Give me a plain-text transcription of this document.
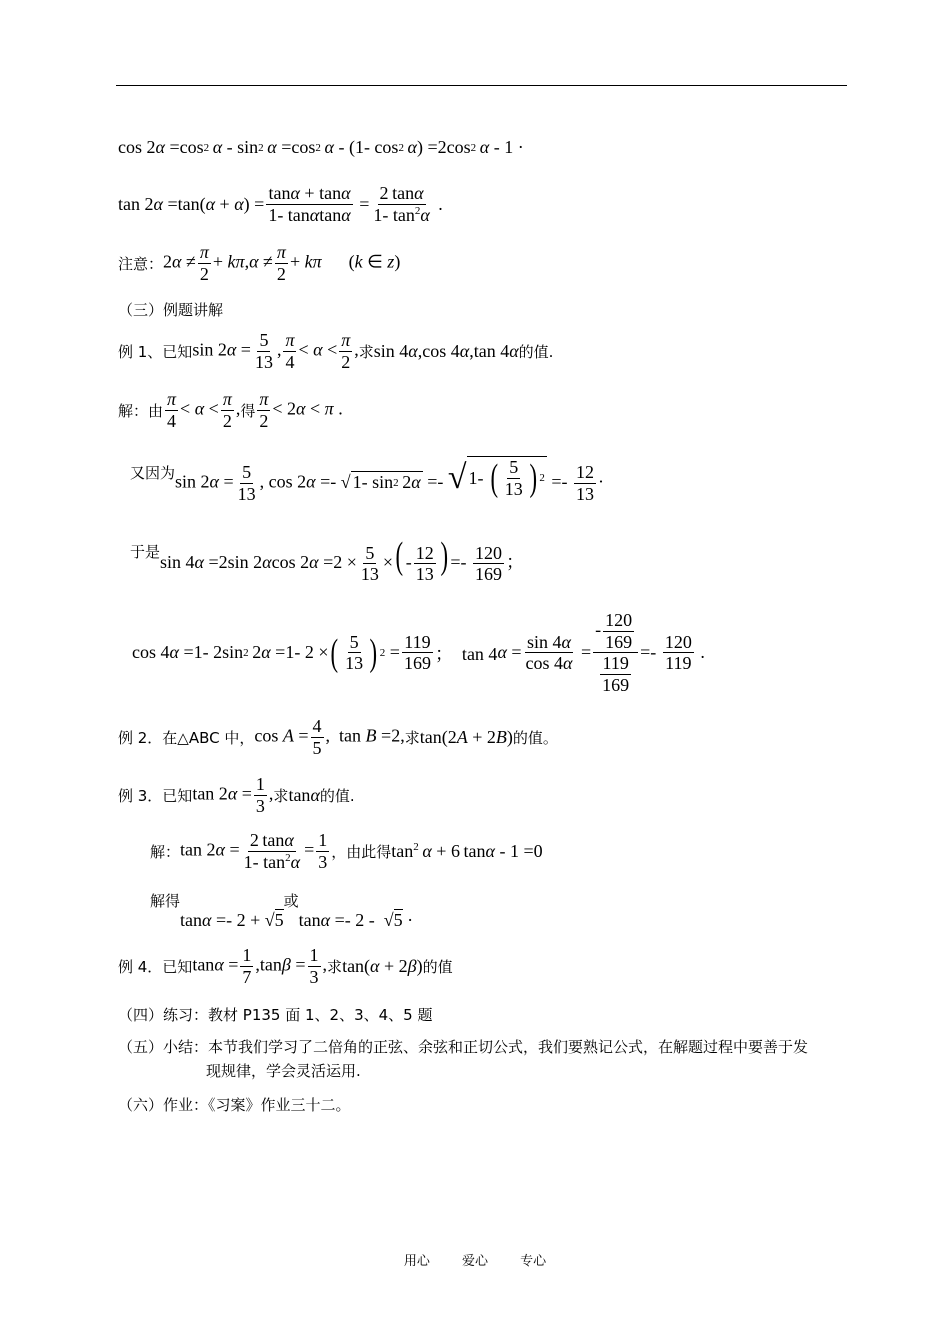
cos 2 α =cos 2
  α - sin 2
  α =cos 2
  α - (1- cos 2
  α ) =2cos 2
  α - 1 ·
tan 2 α =tan( α + α ) = $\frac{\tan\alpha + \tan\alpha}{1- \tan\alpha\tan\alpha} = \frac{2 \tan\alpha}{1- \tan^2\alpha}$ .
注意： $2\alpha \ne \frac{\pi}{2} + k\pi,\alpha \ne \frac{\pi}{2} + k\pi$      (k ∈ z)
（三）例题讲解
例 1、已知 $\sin 2\alpha = \frac{5}{13}$ , $\frac{\pi}{4} < \alpha < \frac{\pi}{2}$ , 求 sin 4α,cos 4α,tan 4α 的值.
解：由 $\frac{\pi}{4} < \alpha < \frac{\pi}{2}$ , 得 $\frac{\pi}{2} < 2\alpha < \pi$ .
又因为 $\sin 2\alpha = \frac{5}{13}$ , cos 2α =- √ 1- sin 2  2 α =- √ 1- ( $\frac{5}{13}$ ) $2 =- \frac{12}{13}$ ·
于是 sin 4α =2sin 2αcos $2\alpha =2 \times \frac{5}{13}$ ×( - $\frac{12}{13}$ ) =- $\frac{120}{169}$ ；
cos 4 α =1- 2sin 2  2 α =1- 2 × ( $\frac{5}{13}$ ) $2 = \frac{119}{169}$ ；  tan 4 $\alpha = \frac{\sin 4\alpha}{\cos 4\alpha} = \frac{- \frac{120}{169}}{\frac{119}{169}} =- \frac{120}{119}$ .
例 2．在△ABC 中， $\cos A = \frac{4}{5}$ ,  tan B =2, 求 tan(2A + 2B) 的值。
例 3．已知 $\tan 2\alpha = \frac{1}{3}$ , 求 tanα 的值.
解： $\tan 2\alpha = \frac{2 \tan\alpha}{1- \tan^2\alpha} = \frac{1}{3}$ ，由此得 $\tan^2 \alpha + 6$ tanα - 1 =0
解得
tanα =- 2 + √5
或
tanα =- 2 -  √5 ·
例 4．已知 $\tan\alpha = \frac{1}{7} ,\tan\beta = \frac{1}{3}$ , 求 tan(α + 2β) 的值
（四）练习：教材 P135 面 1、2、3、4、5 题
（五）小结：本节我们学习了二倍角的正弦、余弦和正切公式，我们要熟记公式，在解题过程中要善于发
现规律，学会灵活运用.
（六）作业：《习案》作业三十二。
用心 爱心 专心
